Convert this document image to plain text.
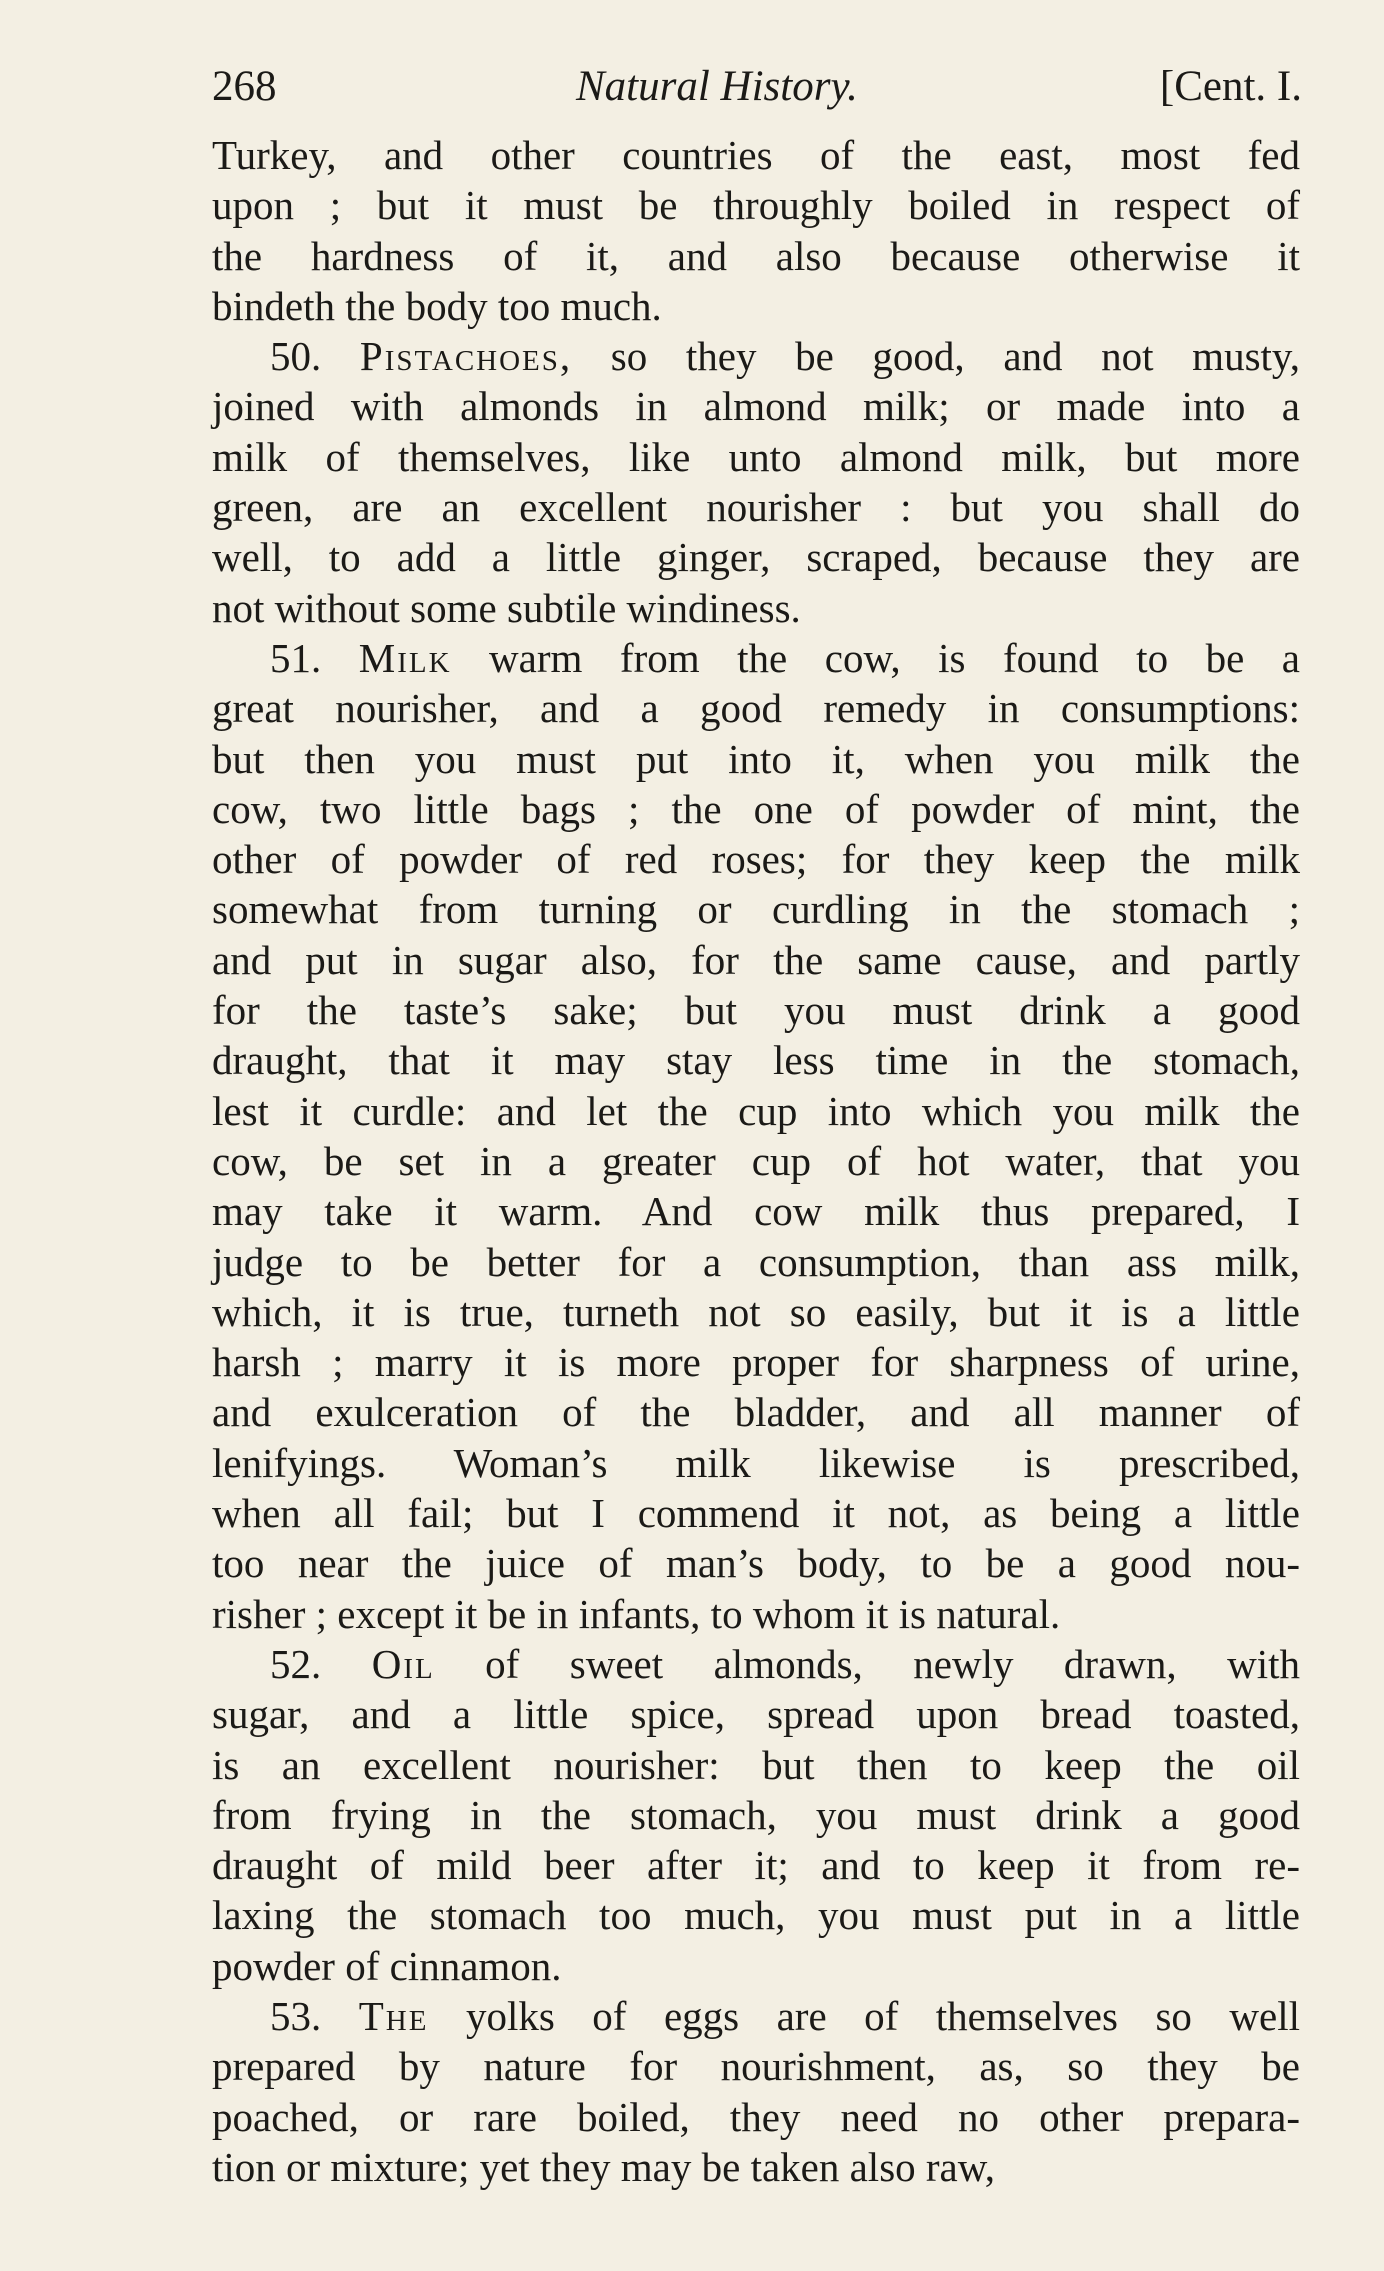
268	Natural History.	[Cent. I.
Turkey, and other countries of the east, most fed
upon ; but it must be throughly boiled in respect of
the hardness of it, and also because otherwise it
bindeth the body too much.
50. Pistachoes, so they be good, and not musty,
joined with almonds in almond milk; or made into a
milk of themselves, like unto almond milk, but more
green, are an excellent nourisher : but you shall do
well, to add a little ginger, scraped, because they are
not without some subtile windiness.
51. Milk warm from the cow, is found to be a
great nourisher, and a good remedy in consumptions:
but then you must put into it, when you milk the
cow, two little bags ; the one of powder of mint, the
other of powder of red roses; for they keep the milk
somewhat from turning or curdling in the stomach ;
and put in sugar also, for the same cause, and partly
for the taste’s sake; but you must drink a good
draught, that it may stay less time in the stomach,
lest it curdle: and let the cup into which you milk the
cow, be set in a greater cup of hot water, that you
may take it warm. And cow milk thus prepared, I
judge to be better for a consumption, than ass milk,
which, it is true, turneth not so easily, but it is a little
harsh ; marry it is more proper for sharpness of urine,
and exulceration of the bladder, and all manner of
lenifyings. Woman’s milk likewise is prescribed,
when all fail; but I commend it not, as being a little
too near the juice of man’s body, to be a good nou-
risher ; except it be in infants, to whom it is natural.
52. Oil of sweet almonds, newly drawn, with
sugar, and a little spice, spread upon bread toasted,
is an excellent nourisher: but then to keep the oil
from frying in the stomach, you must drink a good
draught of mild beer after it; and to keep it from re-
laxing the stomach too much, you must put in a little
powder of cinnamon.
53. The yolks of eggs are of themselves so well
prepared by nature for nourishment, as, so they be
poached, or rare boiled, they need no other prepara-
tion or mixture; yet they may be taken also raw,
